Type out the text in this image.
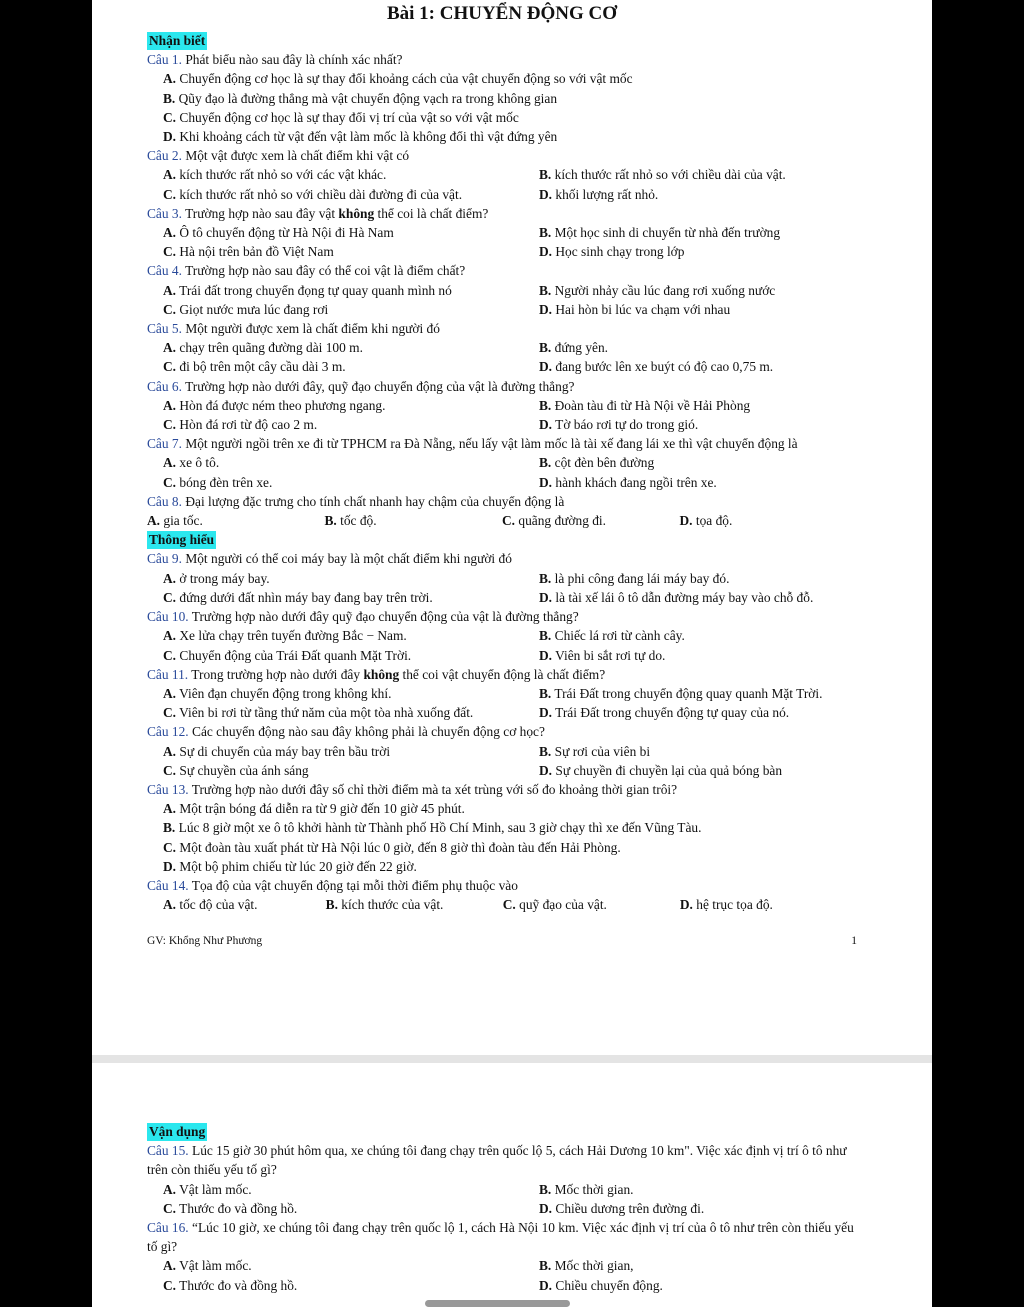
Bài 1: CHUYỂN ĐỘNG CƠ
Nhận biết
Câu 1. Phát biểu nào sau đây là chính xác nhất?
A. Chuyển động cơ học là sự thay đổi khoảng cách của vật chuyển động so với vật mốc
B. Qũy đạo là đường thẳng mà vật chuyển động vạch ra trong không gian
C. Chuyển động cơ học là sự thay đổi vị trí của vật so với vật mốc
D. Khi khoảng cách từ vật đến vật làm mốc là không đổi thì vật đứng yên
Câu 2. Một vật được xem là chất điểm khi vật có
A. kích thước rất nhỏ so với các vật khác.	B. kích thước rất nhỏ so với chiều dài của vật.
C. kích thước rất nhỏ so với chiều dài đường đi của vật.	D. khối lượng rất nhỏ.
Câu 3. Trường hợp nào sau đây vật không thể coi là chất điểm?
A. Ô tô chuyển động từ Hà Nội đi Hà Nam	B. Một học sinh di chuyển từ nhà đến trường
C. Hà nội trên bản đồ Việt Nam	D. Học sinh chạy trong lớp
Câu 4. Trường hợp nào sau đây có thể coi vật là điểm chất?
A. Trái đất trong chuyển đọng tự quay quanh mình nó	B. Người nhảy cầu lúc đang rơi xuống nước
C. Giọt nước mưa lúc đang rơi	D. Hai hòn bi lúc va chạm với nhau
Câu 5. Một người được xem là chất điểm khi người đó
A. chạy trên quãng đường dài 100 m.	B. đứng yên.
C. đi bộ trên một cây cầu dài 3 m.	D. đang bước lên xe buýt có độ cao 0,75 m.
Câu 6. Trường hợp nào dưới đây, quỹ đạo chuyển động của vật là đường thẳng?
A. Hòn đá được ném theo phương ngang.	B. Đoàn tàu đi từ Hà Nội về Hải Phòng
C. Hòn đá rơi từ độ cao 2 m.	D. Tờ báo rơi tự do trong gió.
Câu 7. Một người ngồi trên xe đi từ TPHCM ra Đà Nẵng, nếu lấy vật làm mốc là tài xế đang lái xe thì vật chuyển động là
A. xe ô tô.	B. cột đèn bên đường
C. bóng đèn trên xe.	D. hành khách đang ngồi trên xe.
Câu 8. Đại lượng đặc trưng cho tính chất nhanh hay chậm của chuyển động là
A. gia tốc.	B. tốc độ.	C. quãng đường đi.	D. tọa độ.
Thông hiểu
Câu 9. Một người có thể coi máy bay là một chất điểm khi người đó
A. ở trong máy bay.	B. là phi công đang lái máy bay đó.
C. đứng dưới đất nhìn máy bay đang bay trên trời.	D. là tài xế lái ô tô dẫn đường máy bay vào chỗ đỗ.
Câu 10. Trường hợp nào dưới đây quỹ đạo chuyển động của vật là đường thẳng?
A. Xe lửa chạy trên tuyến đường Bắc − Nam.	B. Chiếc lá rơi từ cành cây.
C. Chuyển động của Trái Đất quanh Mặt Trời.	D. Viên bi sắt rơi tự do.
Câu 11. Trong trường hợp nào dưới đây không thể coi vật chuyển động là chất điểm?
A. Viên đạn chuyển động trong không khí.	B. Trái Đất trong chuyển động quay quanh Mặt Trời.
C. Viên bi rơi từ tầng thứ năm của một tòa nhà xuống đất.	D. Trái Đất trong chuyển động tự quay của nó.
Câu 12. Các chuyển động nào sau đây không phải là chuyển động cơ học?
A. Sự di chuyển của máy bay trên bầu trời	B. Sự rơi của viên bi
C. Sự chuyền của ánh sáng	D. Sự chuyền đi chuyền lại của quả bóng bàn
Câu 13. Trường hợp nào dưới đây số chỉ thời điểm mà ta xét trùng với số đo khoảng thời gian trôi?
A. Một trận bóng đá diễn ra từ 9 giờ đến 10 giờ 45 phút.
B. Lúc 8 giờ một xe ô tô khởi hành từ Thành phố Hồ Chí Minh, sau 3 giờ chạy thì xe đến Vũng Tàu.
C. Một đoàn tàu xuất phát từ Hà Nội lúc 0 giờ, đến 8 giờ thì đoàn tàu đến Hải Phòng.
D. Một bộ phim chiếu từ lúc 20 giờ đến 22 giờ.
Câu 14. Tọa độ của vật chuyển động tại mỗi thời điểm phụ thuộc vào
A. tốc độ của vật.	B. kích thước của vật.	C. quỹ đạo của vật.	D. hệ trục tọa độ.
GV: Khổng Như Phương	1
Vận dụng
Câu 15. Lúc 15 giờ 30 phút hôm qua, xe chúng tôi đang chạy trên quốc lộ 5, cách Hải Dương 10 km". Việc xác định vị trí ô tô như trên còn thiếu yếu tố gì?
A. Vật làm mốc.	B. Mốc thời gian.
C. Thước đo và đồng hồ.	D. Chiều dương trên đường đi.
Câu 16. “Lúc 10 giờ, xe chúng tôi đang chạy trên quốc lộ 1, cách Hà Nội 10 km. Việc xác định vị trí của ô tô như trên còn thiếu yếu tố gì?
A. Vật làm mốc.	B. Mốc thời gian,
C. Thước đo và đồng hồ.	D. Chiều chuyển động.
